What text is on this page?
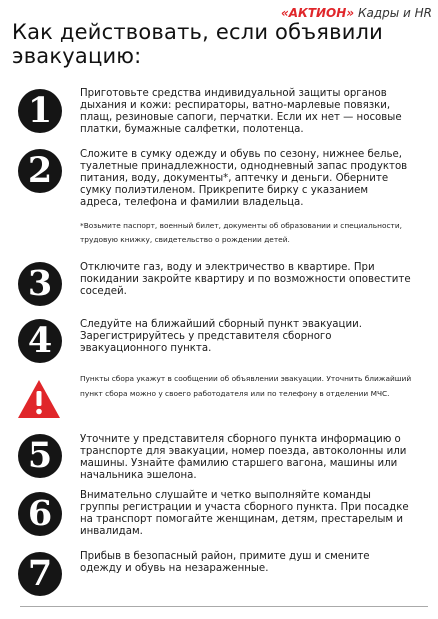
«АКТИОН» Кадры и HR
Как действовать, если объявили эвакуацию:
1	Приготовьте средства индивидуальной защиты органов дыхания и кожи: респираторы, ватно-марлевые повязки, плащ, резиновые сапоги, перчатки. Если их нет — носовые платки, бумажные салфетки, полотенца.
2	Сложите в сумку одежду и обувь по сезону, нижнее белье, туалетные принадлежности, однодневный запас продуктов питания, воду, документы*, аптечку и деньги. Оберните сумку полиэтиленом. Прикрепите бирку с указанием адреса, телефона и фамилии владельца.
*Возьмите паспорт, военный билет, документы об образовании и специальности, трудовую книжку, свидетельство о рождении детей.
3	Отключите газ, воду и электричество в квартире. При покидании закройте квартиру и по возможности оповестите соседей.
4	Следуйте на ближайший сборный пункт эвакуации. Зарегистрируйтесь у представителя сборного эвакуационного пункта.
Пункты сбора укажут в сообщении об объявлении эвакуации. Уточнить ближайший пункт сбора можно у своего работодателя или по телефону в отделении МЧС.
5	Уточните у представителя сборного пункта информацию о транспорте для эвакуации, номер поезда, автоколонны или машины. Узнайте фамилию старшего вагона, машины или начальника эшелона.
6	Внимательно слушайте и четко выполняйте команды группы регистрации и участа сборного пункта. При посадке на транспорт помогайте женщинам, детям, престарелым и инвалидам.
7	Прибыв в безопасный район, примите душ и смените одежду и обувь на незараженные.
